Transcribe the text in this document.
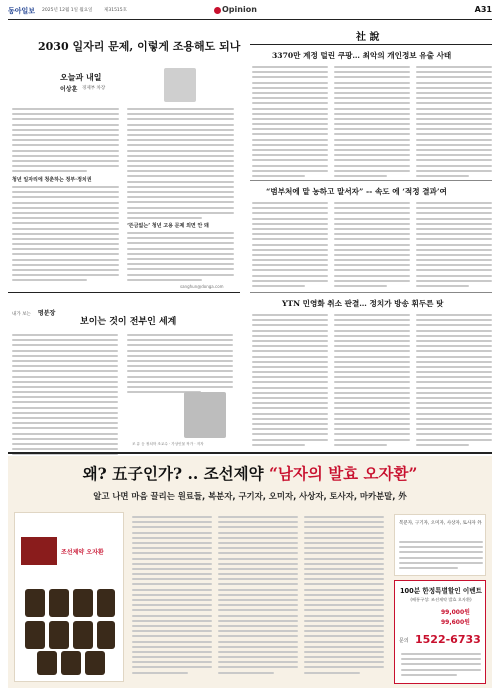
동아일보 2025년 12월 1일 월요일	제31515호	Opinion	A31
2030 일자리 문제, 이렇게 조용해도 되나
오늘과 내일
이상훈 경제부 차장
청년 일자리에 청춘하는 정부·정치권
‘뜬금없는’ 청년 고용 문제 외면 안 돼
sanghun@donga.com
내가 보는 명분장
보이는 것이 전부인 세계
조 유 등 정치학 조교수 · 가상인물 작가 · 저자
社 說
3370만 계정 털린 쿠팡… 최악의 개인정보 유출 사태
“범부처에 맡 농하고 말서자” -- 속도 에 ‘적정 결과’여
YTN 민영화 취소 판결… 정치가 방송 휘두른 탓
왜? 五子인가? .. 조선제약 “남자의 발효 오자환”
알고 나면 마음 끌리는 원료들, 복분자, 구기자, 오미자, 사상자, 토사자, 마카분말, 外
조선제약 오자환
복분자, 구기자, 오미자, 사상자, 토사자 外
100분 한정특별할인 이벤트
(배통구성: 조선제약 발효 오자환)
99,000원
99,600원
문의 1522-6733
